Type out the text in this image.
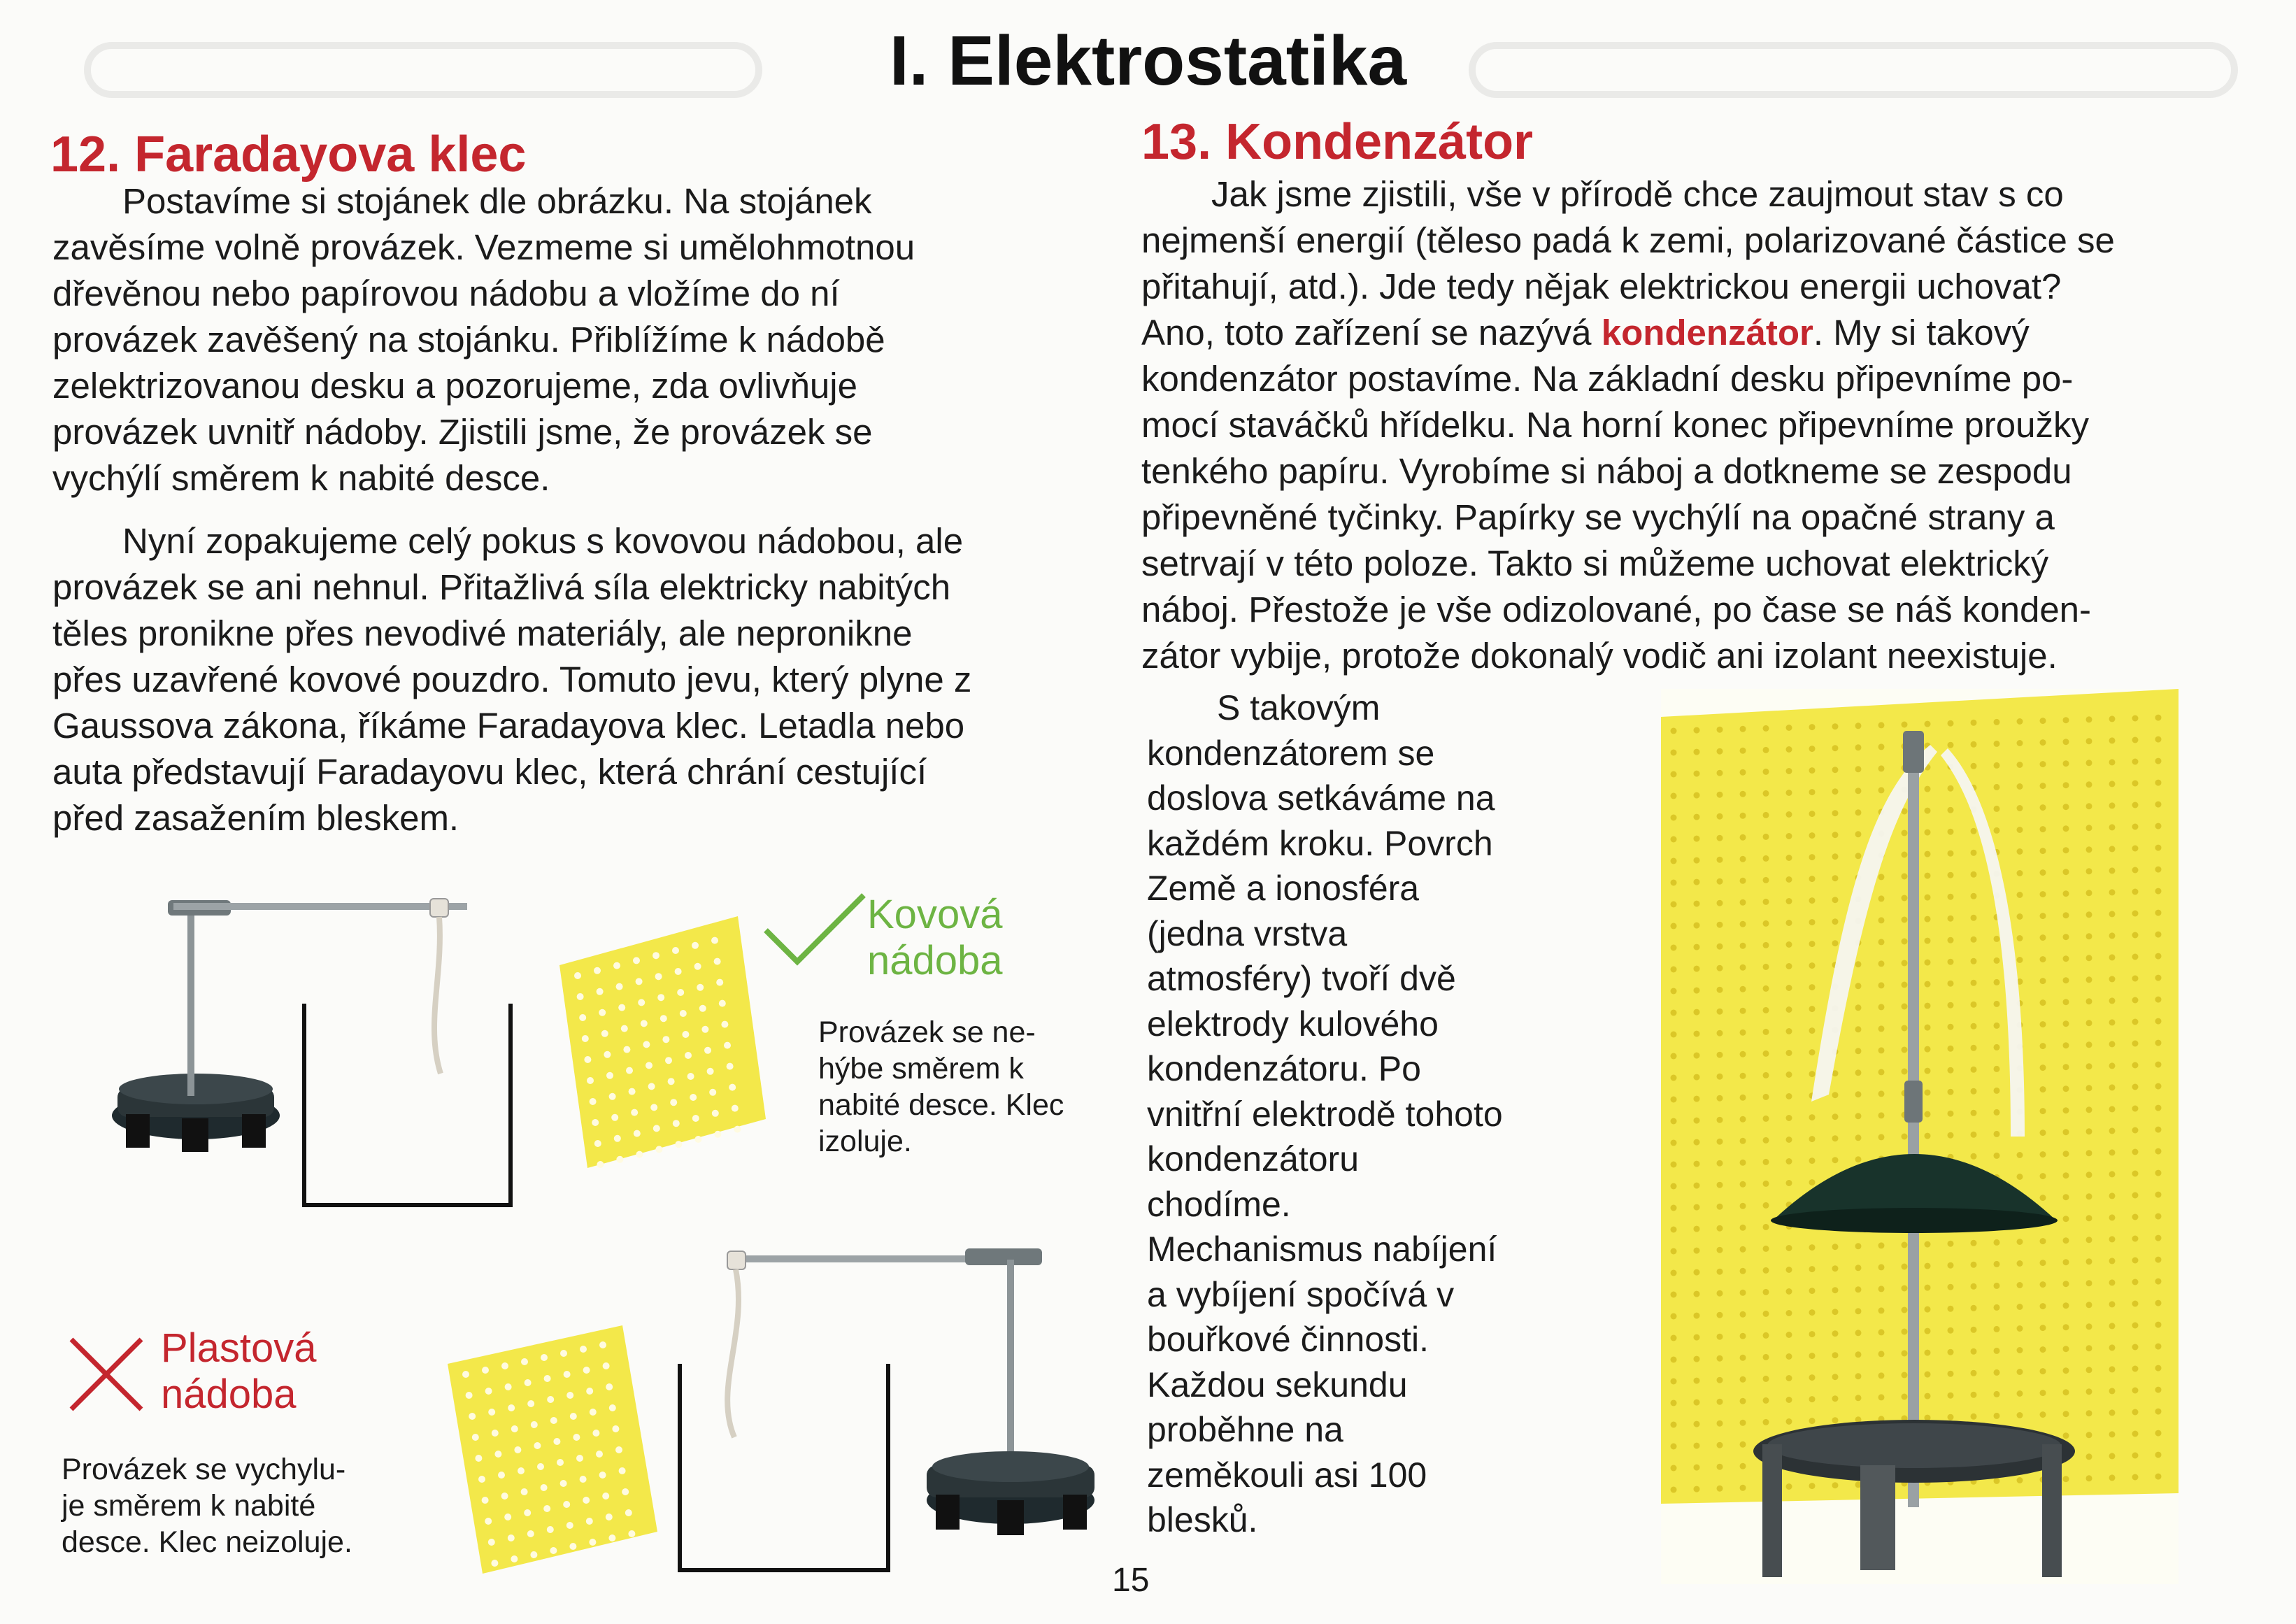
I. Elektrostatika
12. Faradayova klec

Postavíme si stojánek dle obrázku. Na stojánek

zavěsíme volně provázek. Vezmeme si umělohmotnou
dřevěnou nebo papírovou nádobu a vložíme do ní
provázek zavěšený na stojánku. Přiblížíme k nádobě
zelektrizovanou desku a pozorujeme, zda ovlivňuje
provázek uvnitř nádoby. Zjistili jsme, že provázek se
vychýlí směrem k nabité desce.

Nyní zopakujeme celý pokus s kovovou nádobou, ale

provázek se ani nehnul. Přitažlivá síla elektricky nabitých
těles pronikne přes nevodivé materiály, ale nepronikne
přes uzavřené kovové pouzdro. Tomuto jevu, který plyne z
Gaussova zákona, říkáme Faradayova klec. Letadla nebo
auta představují Faradayovu klec, která chrání cestující
před zasažením bleskem.
Kovová
nádoba
Provázek se ne-
hýbe směrem k
nabité desce. Klec
izoluje.
Plastová
nádoba
Provázek se vychylu-
je směrem k nabité
desce. Klec neizoluje.
13. Kondenzátor

Jak jsme zjistili, vše v přírodě chce zaujmout stav s co

nejmenší energií (těleso padá k zemi, polarizované částice se
přitahují, atd.). Jde tedy nějak elektrickou energii uchovat?
Ano, toto zařízení se nazývá kondenzátor. My si takový
kondenzátor postavíme. Na základní desku připevníme po-
mocí staváčků hřídelku. Na horní konec připevníme proužky
tenkého papíru. Vyrobíme si náboj a dotkneme se zespodu
připevněné tyčinky. Papírky se vychýlí na opačné strany a
setrvají v této poloze. Takto si můžeme uchovat elektrický
náboj. Přestože je vše odizolované, po čase se náš konden-
zátor vybije, protože dokonalý vodič ani izolant neexistuje.

S takovým

kondenzátorem se
doslova setkáváme na
každém kroku. Povrch
Země a ionosféra
(jedna vrstva
atmosféry) tvoří dvě
elektrody kulového
kondenzátoru. Po
vnitřní elektrodě tohoto
kondenzátoru
chodíme.
Mechanismus nabíjení
a vybíjení spočívá v
bouřkové činnosti.
Každou sekundu
proběhne na
zeměkouli asi 100
blesků.
15
